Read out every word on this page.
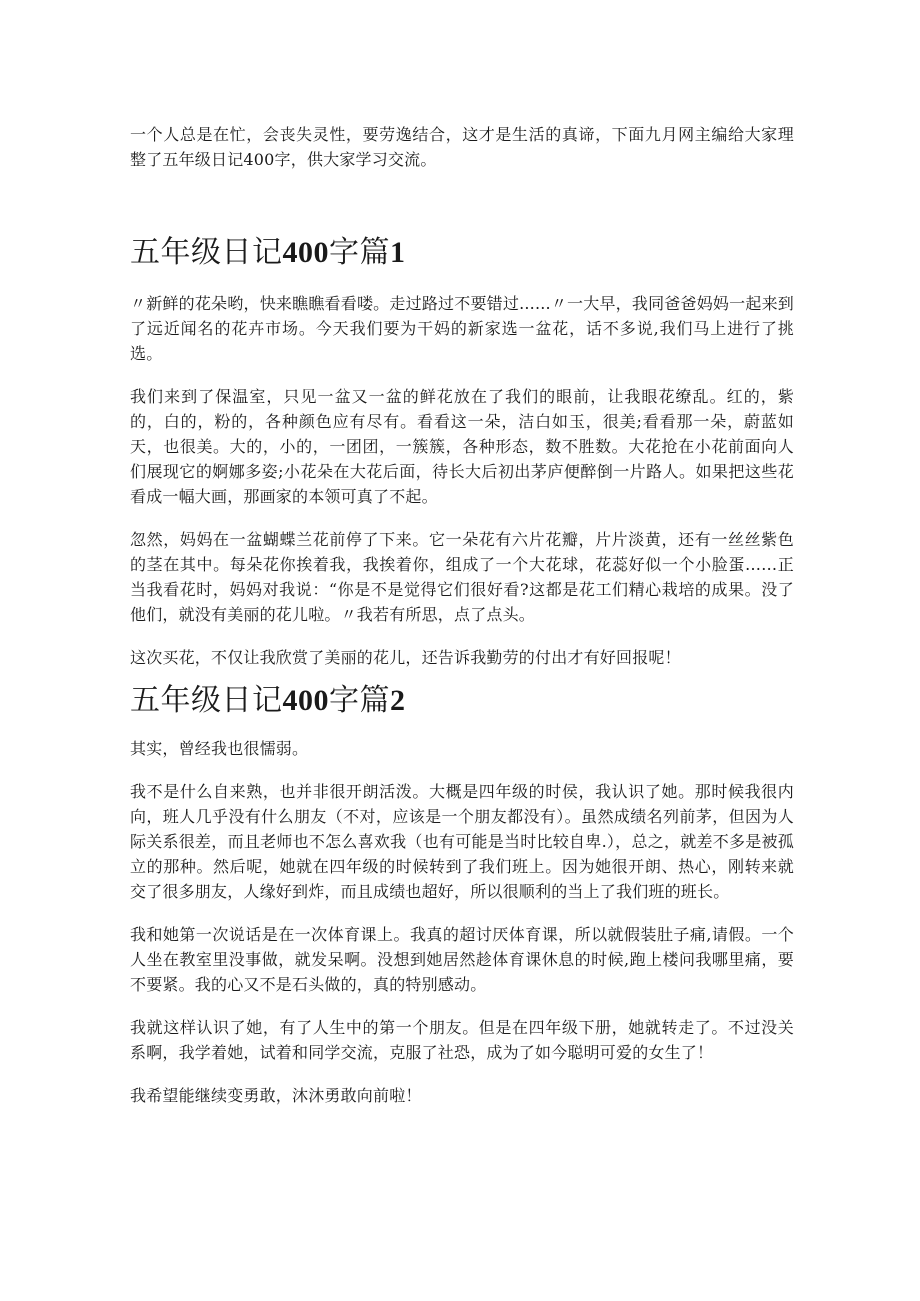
一个人总是在忙，会丧失灵性，要劳逸结合，这才是生活的真谛，下面九月网主编给大家理整了五年级日记400字，供大家学习交流。

五年级日记400字篇1

〃新鲜的花朵哟，快来瞧瞧看看喽。走过路过不要错过......〃一大早，我同爸爸妈妈一起来到了远近闻名的花卉市场。今天我们要为干妈的新家选一盆花，话不多说,我们马上进行了挑选。

我们来到了保温室，只见一盆又一盆的鲜花放在了我们的眼前，让我眼花缭乱。红的，紫的，白的，粉的，各种颜色应有尽有。看看这一朵，洁白如玉，很美;看看那一朵，蔚蓝如天，也很美。大的，小的，一团团，一簇簇，各种形态，数不胜数。大花抢在小花前面向人们展现它的婀娜多姿;小花朵在大花后面，待长大后初出茅庐便醉倒一片路人。如果把这些花看成一幅大画，那画家的本领可真了不起。

忽然，妈妈在一盆蝴蝶兰花前停了下来。它一朵花有六片花瓣，片片淡黄，还有一丝丝紫色的茎在其中。每朵花你挨着我，我挨着你，组成了一个大花球，花蕊好似一个小脸蛋……正当我看花时，妈妈对我说：“你是不是觉得它们很好看?这都是花工们精心栽培的成果。没了他们，就没有美丽的花儿啦。〃我若有所思，点了点头。

这次买花，不仅让我欣赏了美丽的花儿，还告诉我勤劳的付出才有好回报呢！

五年级日记400字篇2

其实，曾经我也很懦弱。

我不是什么自来熟，也并非很开朗活泼。大概是四年级的时侯，我认识了她。那时候我很内向，班人几乎没有什么朋友（不对，应该是一个朋友都没有）。虽然成绩名列前茅，但因为人际关系很差，而且老师也不怎么喜欢我（也有可能是当时比较自卑.），总之，就差不多是被孤立的那种。然后呢，她就在四年级的时候转到了我们班上。因为她很开朗、热心，刚转来就交了很多朋友，人缘好到炸，而且成绩也超好，所以很顺利的当上了我们班的班长。

我和她第一次说话是在一次体育课上。我真的超讨厌体育课，所以就假装肚子痛,请假。一个人坐在教室里没事做，就发呆啊。没想到她居然趁体育课休息的时候,跑上楼问我哪里痛，要不要紧。我的心又不是石头做的，真的特别感动。

我就这样认识了她，有了人生中的第一个朋友。但是在四年级下册，她就转走了。不过没关系啊，我学着她，试着和同学交流，克服了社恐，成为了如今聪明可爱的女生了！

我希望能继续变勇敢，沐沐勇敢向前啦！
